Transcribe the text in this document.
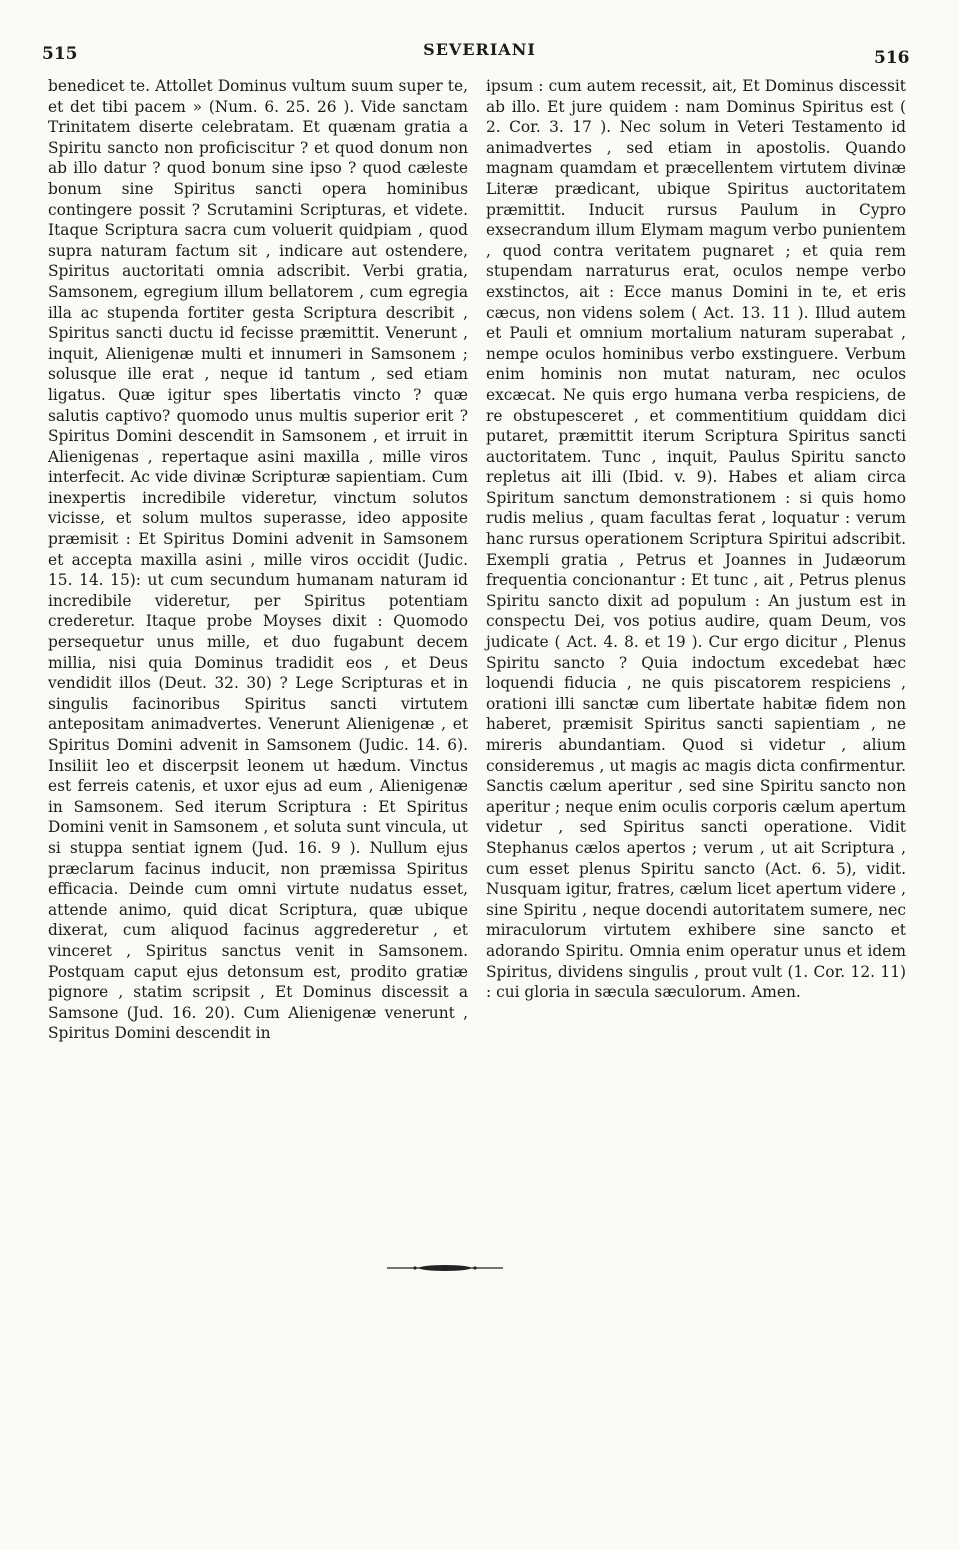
515	SEVERIANI	516

benedicet te. Attollet Dominus vultum suum super te, et det tibi pacem » (Num. 6. 25. 26 ). Vide sanctam Trinitatem diserte celebratam. Et quænam gratia a Spiritu sancto non proficiscitur ? et quod donum non ab illo datur ? quod bonum sine ipso ? quod cæleste bonum sine Spiritus sancti opera hominibus contingere possit ? Scrutamini Scripturas, et videte. Itaque Scriptura sacra cum voluerit quidpiam , quod supra naturam factum sit , indicare aut ostendere, Spiritus auctoritati omnia adscribit. Verbi gratia, Samsonem, egregium illum bellatorem , cum egregia illa ac stupenda fortiter gesta Scriptura describit , Spiritus sancti ductu id fecisse præmittit. Venerunt , inquit, Alienigenæ multi et innumeri in Samsonem ; solusque ille erat , neque id tantum , sed etiam ligatus. Quæ igitur spes libertatis vincto ? quæ salutis captivo? quomodo unus multis superior erit ? Spiritus Domini descendit in Samsonem , et irruit in Alienigenas , repertaque asini maxilla , mille viros interfecit. Ac vide divinæ Scripturæ sapientiam. Cum inexpertis incredibile videretur, vinctum solutos vicisse, et solum multos superasse, ideo apposite præmisit : Et Spiritus Domini advenit in Samsonem et accepta maxilla asini , mille viros occidit (Judic. 15. 14. 15): ut cum secundum humanam naturam id incredibile videretur, per Spiritus potentiam crederetur. Itaque probe Moyses dixit : Quomodo persequetur unus mille, et duo fugabunt decem millia, nisi quia Dominus tradidit eos , et Deus vendidit illos (Deut. 32. 30) ? Lege Scripturas et in singulis facinoribus Spiritus sancti virtutem antepositam animadvertes. Venerunt Alienigenæ , et Spiritus Domini advenit in Samsonem (Judic. 14. 6). Insiliit leo et discerpsit leonem ut hædum. Vinctus est ferreis catenis, et uxor ejus ad eum , Alienigenæ in Samsonem. Sed iterum Scriptura : Et Spiritus Domini venit in Samsonem , et soluta sunt vincula, ut si stuppa sentiat ignem (Jud. 16. 9 ). Nullum ejus præclarum facinus inducit, non præmissa Spiritus efficacia. Deinde cum omni virtute nudatus esset, attende animo, quid dicat Scriptura, quæ ubique dixerat, cum aliquod facinus aggrederetur , et vinceret , Spiritus sanctus venit in Samsonem. Postquam caput ejus detonsum est, prodito gratiæ pignore , statim scripsit , Et Dominus discessit a Samsone (Jud. 16. 20). Cum Alienigenæ venerunt , Spiritus Domini descendit in

ipsum : cum autem recessit, ait, Et Dominus discessit ab illo. Et jure quidem : nam Dominus Spiritus est ( 2. Cor. 3. 17 ). Nec solum in Veteri Testamento id animadvertes , sed etiam in apostolis. Quando magnam quamdam et præcellentem virtutem divinæ Literæ prædicant, ubique Spiritus auctoritatem præmittit. Inducit rursus Paulum in Cypro exsecrandum illum Elymam magum verbo punientem , quod contra veritatem pugnaret ; et quia rem stupendam narraturus erat, oculos nempe verbo exstinctos, ait : Ecce manus Domini in te, et eris cæcus, non videns solem ( Act. 13. 11 ). Illud autem et Pauli et omnium mortalium naturam superabat , nempe oculos hominibus verbo exstinguere. Verbum enim hominis non mutat naturam, nec oculos excæcat. Ne quis ergo humana verba respiciens, de re obstupesceret , et commentitium quiddam dici putaret, præmittit iterum Scriptura Spiritus sancti auctoritatem. Tunc , inquit, Paulus Spiritu sancto repletus ait illi (Ibid. v. 9). Habes et aliam circa Spiritum sanctum demonstrationem : si quis homo rudis melius , quam facultas ferat , loquatur : verum hanc rursus operationem Scriptura Spiritui adscribit. Exempli gratia , Petrus et Joannes in Judæorum frequentia concionantur : Et tunc , ait , Petrus plenus Spiritu sancto dixit ad populum : An justum est in conspectu Dei, vos potius audire, quam Deum, vos judicate ( Act. 4. 8. et 19 ). Cur ergo dicitur , Plenus Spiritu sancto ? Quia indoctum excedebat hæc loquendi fiducia , ne quis piscatorem respiciens , orationi illi sanctæ cum libertate habitæ fidem non haberet, præmisit Spiritus sancti sapientiam , ne mireris abundantiam. Quod si videtur , alium consideremus , ut magis ac magis dicta confirmentur. Sanctis cælum aperitur , sed sine Spiritu sancto non aperitur ; neque enim oculis corporis cælum apertum videtur , sed Spiritus sancti operatione. Vidit Stephanus cælos apertos ; verum , ut ait Scriptura , cum esset plenus Spiritu sancto (Act. 6. 5), vidit. Nusquam igitur, fratres, cælum licet apertum videre , sine Spiritu , neque docendi autoritatem sumere, nec miraculorum virtutem exhibere sine sancto et adorando Spiritu. Omnia enim operatur unus et idem Spiritus, dividens singulis , prout vult (1. Cor. 12. 11) : cui gloria in sæcula sæculorum. Amen.
